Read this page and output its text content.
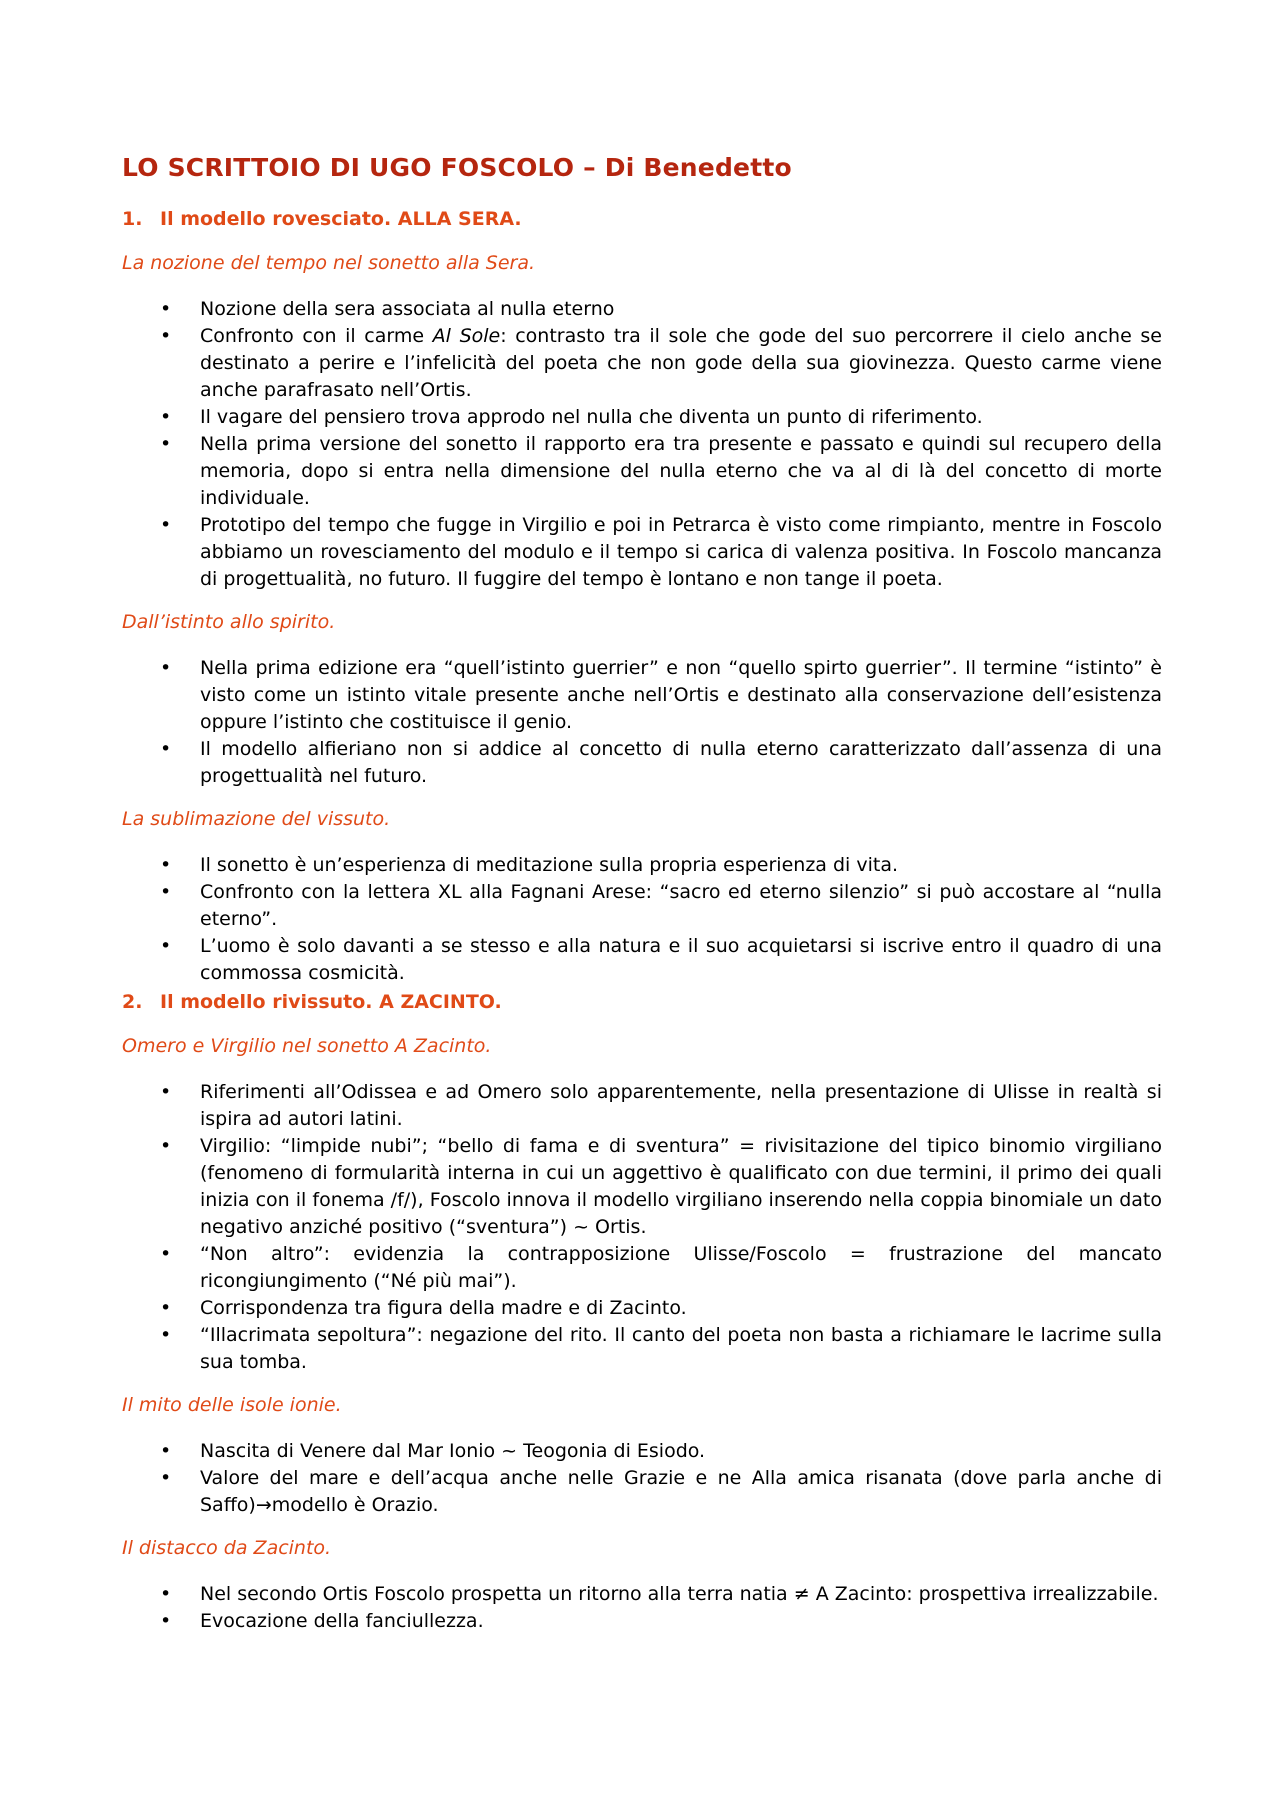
LO SCRITTOIO DI UGO FOSCOLO – Di Benedetto
1. Il modello rovesciato. ALLA SERA.
La nozione del tempo nel sonetto alla Sera.
• Nozione della sera associata al nulla eterno
• Confronto con il carme Al Sole: contrasto tra il sole che gode del suo percorrere il cielo anche se destinato a perire e l’infelicità del poeta che non gode della sua giovinezza. Questo carme viene anche parafrasato nell’Ortis.
• Il vagare del pensiero trova approdo nel nulla che diventa un punto di riferimento.
• Nella prima versione del sonetto il rapporto era tra presente e passato e quindi sul recupero della memoria, dopo si entra nella dimensione del nulla eterno che va al di là del concetto di morte individuale.
• Prototipo del tempo che fugge in Virgilio e poi in Petrarca è visto come rimpianto, mentre in Foscolo abbiamo un rovesciamento del modulo e il tempo si carica di valenza positiva. In Foscolo mancanza di progettualità, no futuro. Il fuggire del tempo è lontano e non tange il poeta.
Dall’istinto allo spirito.
• Nella prima edizione era “quell’istinto guerrier” e non “quello spirto guerrier”. Il termine “istinto” è visto come un istinto vitale presente anche nell’Ortis e destinato alla conservazione dell’esistenza oppure l’istinto che costituisce il genio.
• Il modello alfieriano non si addice al concetto di nulla eterno caratterizzato dall’assenza di una progettualità nel futuro.
La sublimazione del vissuto.
• Il sonetto è un’esperienza di meditazione sulla propria esperienza di vita.
• Confronto con la lettera XL alla Fagnani Arese: “sacro ed eterno silenzio” si può accostare al “nulla eterno”.
• L’uomo è solo davanti a se stesso e alla natura e il suo acquietarsi si iscrive entro il quadro di una commossa cosmicità.
2. Il modello rivissuto. A ZACINTO.
Omero e Virgilio nel sonetto A Zacinto.
• Riferimenti all’Odissea e ad Omero solo apparentemente, nella presentazione di Ulisse in realtà si ispira ad autori latini.
• Virgilio: “limpide nubi”; “bello di fama e di sventura” = rivisitazione del tipico binomio virgiliano (fenomeno di formularità interna in cui un aggettivo è qualificato con due termini, il primo dei quali inizia con il fonema /f/), Foscolo innova il modello virgiliano inserendo nella coppia binomiale un dato negativo anziché positivo (“sventura”) ~ Ortis.
• “Non altro”: evidenzia la contrapposizione Ulisse/Foscolo = frustrazione del mancato ricongiungimento (“Né più mai”).
• Corrispondenza tra figura della madre e di Zacinto.
• “Illacrimata sepoltura”: negazione del rito. Il canto del poeta non basta a richiamare le lacrime sulla sua tomba.
Il mito delle isole ionie.
• Nascita di Venere dal Mar Ionio ~ Teogonia di Esiodo.
• Valore del mare e dell’acqua anche nelle Grazie e ne Alla amica risanata (dove parla anche di Saffo)→modello è Orazio.
Il distacco da Zacinto.
• Nel secondo Ortis Foscolo prospetta un ritorno alla terra natia ≠ A Zacinto: prospettiva irrealizzabile.
• Evocazione della fanciullezza.
